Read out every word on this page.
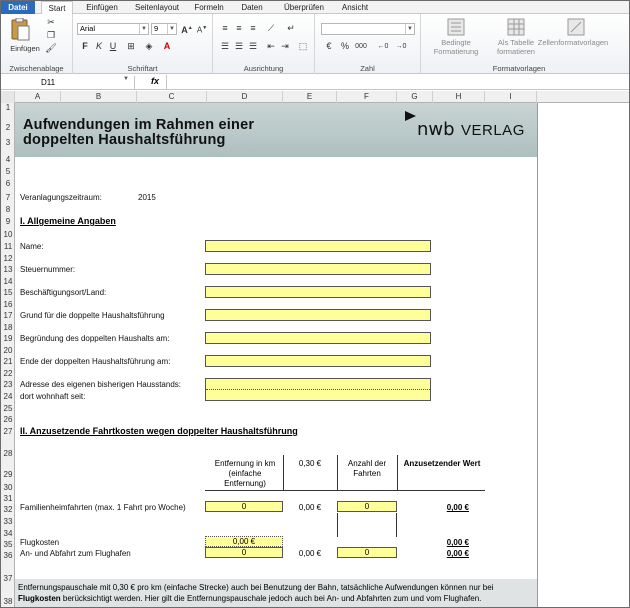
Datei	Start	Einfügen	Seitenlayout	Formeln	Daten	Überprüfen	Ansicht
Einfügen
✂
❐
🖌
Zwischenablage
Arial	▼ 9	▼ A▲ A▼
F K U	⊞ ◈	A
Schriftart
≡ ≡ ≡	⟋	↵
☰ ☰ ☰ ⇤ ⇥ ⬚
Ausrichtung
▼
€	% 000 ←0 →0
Zahl
Bedingte
Formatierung
Als Tabelle
formatieren
Zellenformatvorlagen
Formatvorlagen
D11	▼ fx
A	B	C	D	E	F	G	H	I
1
2
3
4
5
6
7
8
9
10
11
12
13
14
15
16
17
18
19
20
21
22
23
24
25
26
27
28
29
30
31
32
33
34
35
36
37
38
Aufwendungen im Rahmen einer
doppelten Haushaltsführung	nwb VERLAG
Veranlagungszeitraum:	2015
I. Allgemeine Angaben
Name:
Steuernummer:
Beschäftigungsort/Land:
Grund für die doppelte Haushaltsführung
Begründung des doppelten Haushalts am:
Ende der doppelten Haushaltsführung am:
Adresse des eigenen bisherigen Hausstands:
dort wohnhaft seit:
II. Anzusetzende Fahrtkosten wegen doppelter Haushaltsführung
Entfernung in km
(einfache
Entfernung)
0,30 €	Anzahl der
Fahrten
Anzusetzender Wert
Familienheimfahrten (max. 1 Fahrt pro Woche)	0	0,00 €	0	0,00 €
Flugkosten	0,00 €	0,00 €
An- und Abfahrt zum Flughafen	0	0,00 €	0	0,00 €
Entfernungspauschale mit 0,30 € pro km (einfache Strecke) auch bei Benutzung der Bahn, tatsächliche Aufwendungen können nur bei
Flugkosten berücksichtigt werden. Hier gilt die Entfernungspauschale jedoch auch bei An- und Abfahrten zum und vom Flughafen.
